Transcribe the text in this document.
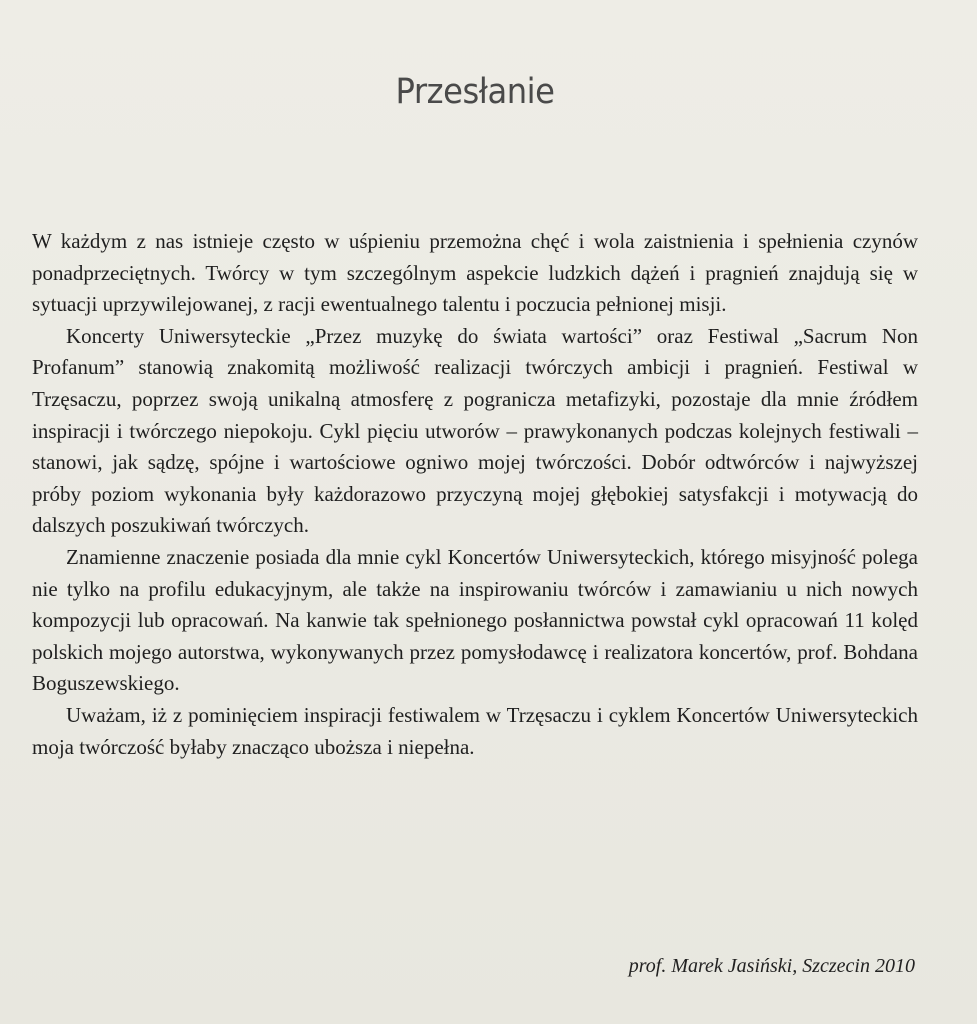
Przesłanie

W każdym z nas istnieje często w uśpieniu przemożna chęć i wola zaistnienia i spełnienia czynów ponadprzeciętnych. Twórcy w tym szczególnym aspekcie ludzkich dążeń i pragnień znajdują się w sytuacji uprzywilejowanej, z racji ewentualnego talentu i poczucia pełnionej misji.

Koncerty Uniwersyteckie „Przez muzykę do świata wartości” oraz Festiwal „Sacrum Non Profanum” stanowią znakomitą możliwość realizacji twórczych ambicji i pragnień. Festiwal w Trzęsaczu, poprzez swoją unikalną atmosferę z pogranicza metafizyki, pozostaje dla mnie źródłem inspiracji i twórczego niepokoju. Cykl pięciu utworów – prawykonanych podczas kolejnych festiwali – stanowi, jak sądzę, spójne i wartościowe ogniwo mojej twórczości. Dobór odtwórców i najwyższej próby poziom wykonania były każdorazowo przyczyną mojej głębokiej satysfakcji i motywacją do dalszych poszukiwań twórczych.

Znamienne znaczenie posiada dla mnie cykl Koncertów Uniwersyteckich, którego misyjność polega nie tylko na profilu edukacyjnym, ale także na inspirowaniu twórców i zamawianiu u nich nowych kompozycji lub opracowań. Na kanwie tak spełnionego posłannictwa powstał cykl opracowań 11 kolęd polskich mojego autorstwa, wykonywanych przez pomysłodawcę i realizatora koncertów, prof. Bohdana Boguszewskiego.

Uważam, iż z pominięciem inspiracji festiwalem w Trzęsaczu i cyklem Koncertów Uniwersyteckich moja twórczość byłaby znacząco uboższa i niepełna.

prof. Marek Jasiński, Szczecin 2010
